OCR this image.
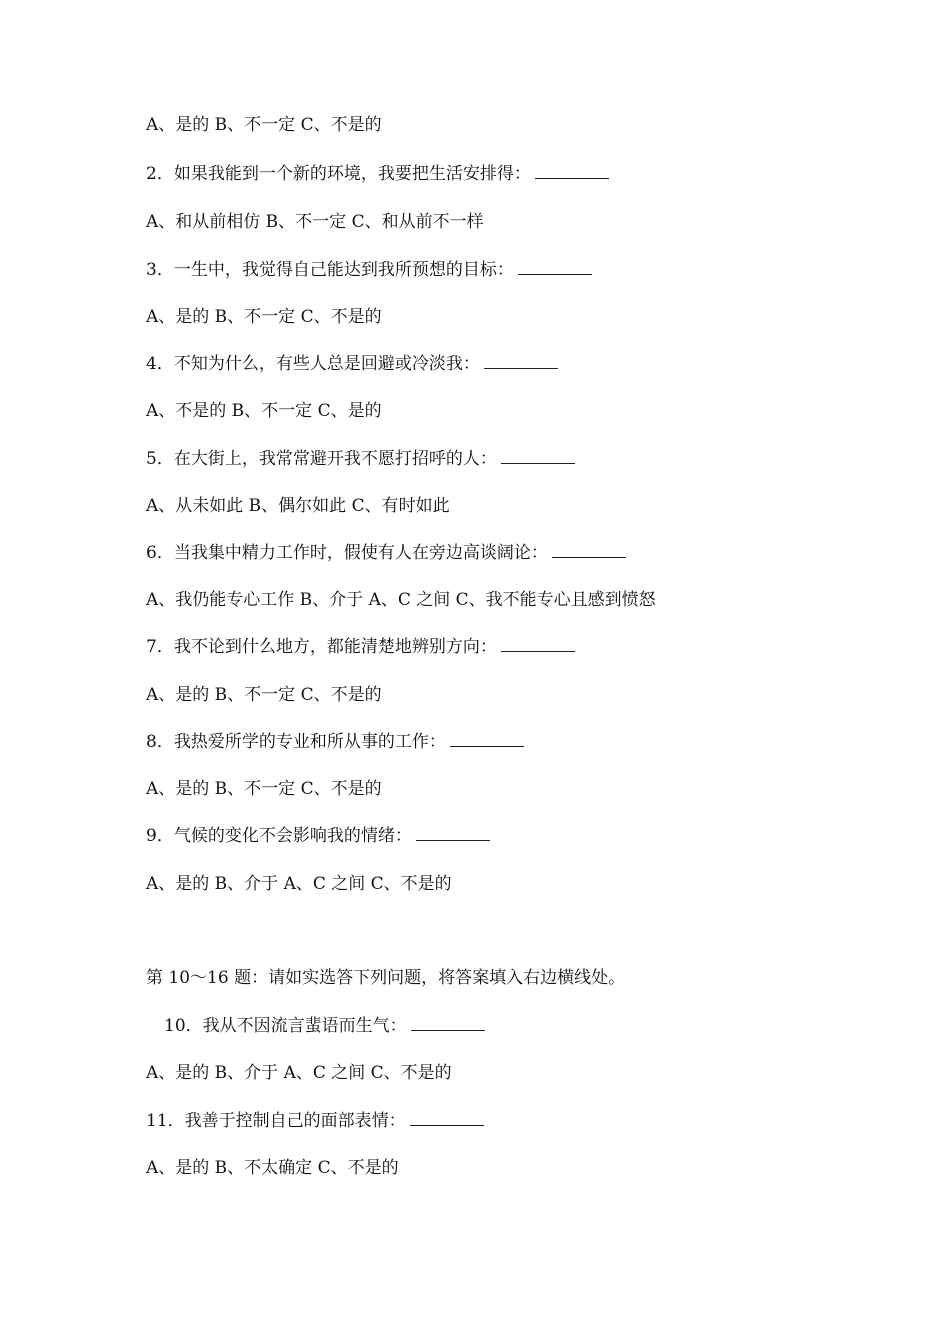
A、是的 B、不一定 C、不是的
2．如果我能到一个新的环境，我要把生活安排得：
A、和从前相仿 B、不一定 C、和从前不一样
3．一生中，我觉得自己能达到我所预想的目标：
A、是的 B、不一定 C、不是的
4．不知为什么，有些人总是回避或冷淡我：
A、不是的 B、不一定 C、是的
5．在大街上，我常常避开我不愿打招呼的人：
A、从未如此 B、偶尔如此 C、有时如此
6．当我集中精力工作时，假使有人在旁边高谈阔论：
A、我仍能专心工作 B、介于 A、C 之间 C、我不能专心且感到愤怒
7．我不论到什么地方，都能清楚地辨别方向：
A、是的 B、不一定 C、不是的
8．我热爱所学的专业和所从事的工作：
A、是的 B、不一定 C、不是的
9．气候的变化不会影响我的情绪：
A、是的 B、介于 A、C 之间 C、不是的
第 10～16 题：请如实选答下列问题，将答案填入右边横线处。
10．我从不因流言蜚语而生气：
A、是的 B、介于 A、C 之间 C、不是的
11．我善于控制自己的面部表情：
A、是的 B、不太确定 C、不是的
